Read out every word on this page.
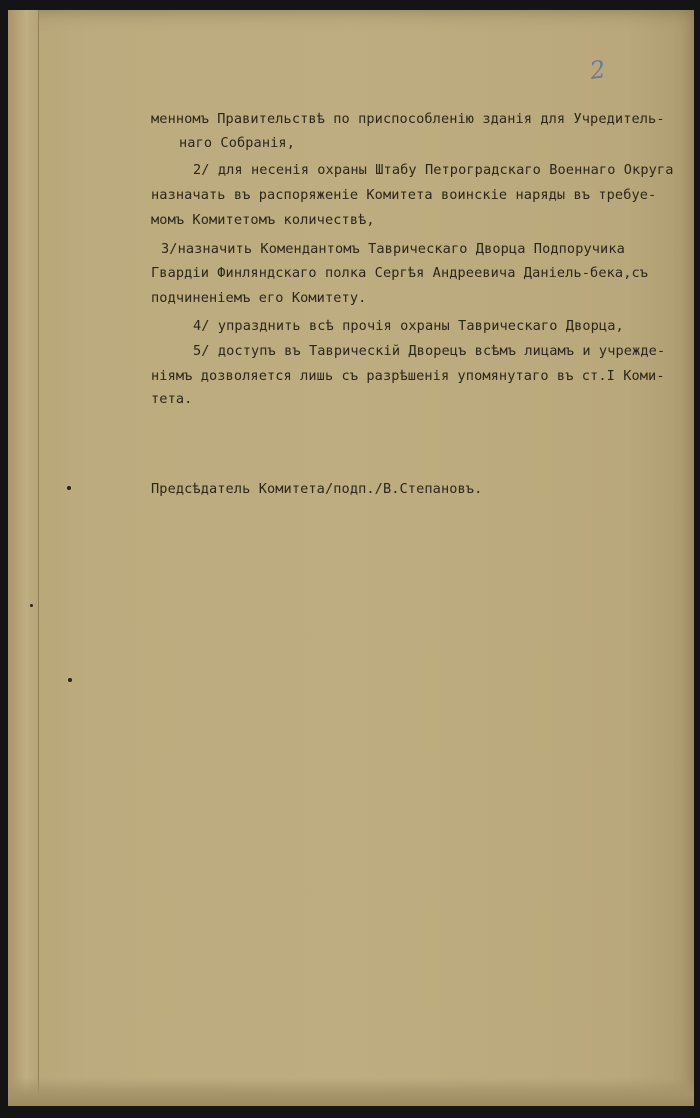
2
менномъ Правительствѣ по приспособленію зданія для Учредитель-
наго Собранія,
2/ для несенія охраны Штабу Петроградскаго Военнаго Округа
назначать въ распоряженіе Комитета воинскіе наряды въ требуе-
момъ Комитетомъ количествѣ,
3/назначить Комендантомъ Таврическаго Дворца Подпоручика
Гвардіи Финляндскаго полка Сергѣя Андреевича Даніель-бека,съ
подчиненіемъ его Комитету.
4/ упразднить всѣ прочія охраны Таврическаго Дворца,
5/ доступъ въ Таврическій Дворецъ всѣмъ лицамъ и учрежде-
ніямъ дозволяется лишь съ разрѣшенія упомянутаго въ ст.I Коми-
тета.
Предсѣдатель Комитета/подп./В.Степановъ.
